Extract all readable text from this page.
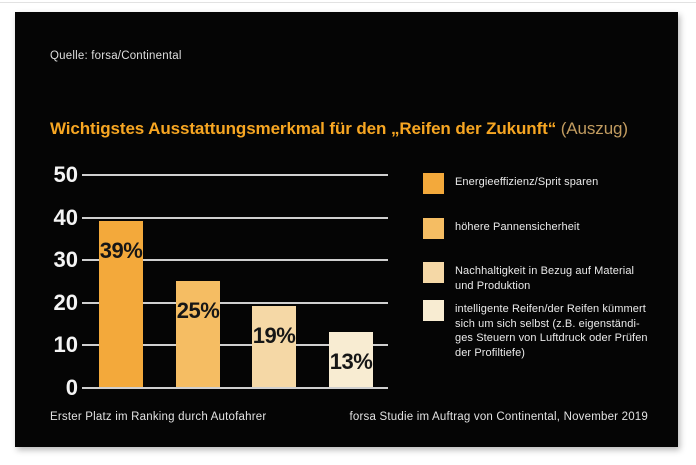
Quelle: forsa/Continental
Wichtigstes Ausstattungsmerkmal für den „Reifen der Zukunft“ (Auszug)
50
40
30
20
10
0
39%
25%
19%
13%
Energieeffizienz/Sprit sparen
höhere Pannensicherheit
Nachhaltigkeit in Bezug auf Material
und Produktion
intelligente Reifen/der Reifen kümmert
sich um sich selbst (z.B. eigenständi-
ges Steuern von Luftdruck oder Prüfen
der Profiltiefe)
Erster Platz im Ranking durch Autofahrer	forsa Studie im Auftrag von Continental, November 2019
